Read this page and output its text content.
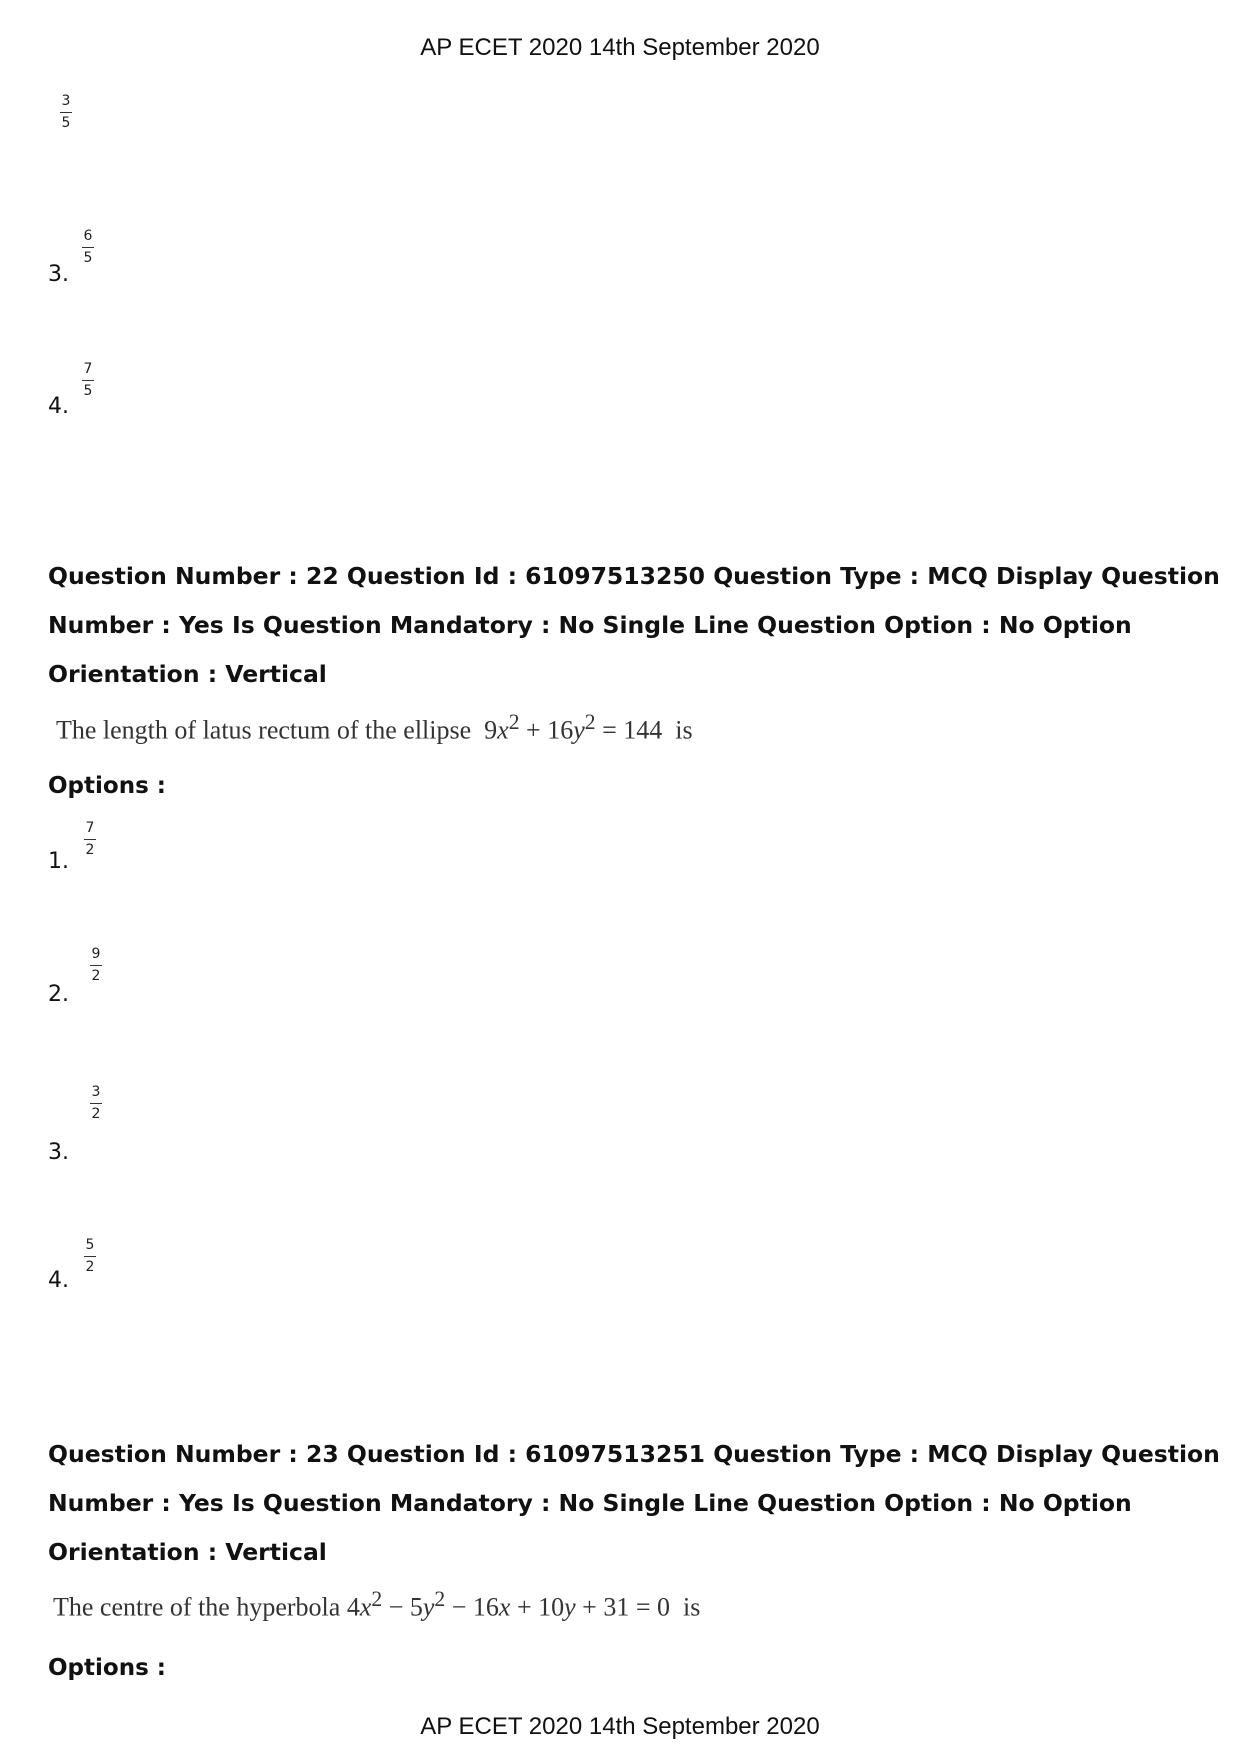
AP ECET 2020 14th September 2020
3
5
3.
6
5
4.
7
5
Question Number : 22 Question Id : 61097513250 Question Type : MCQ Display Question
Number : Yes Is Question Mandatory : No Single Line Question Option : No Option
Orientation : Vertical
The length of latus rectum of the ellipse $9x^2 + 16y^2 = 144$ is
Options :
1.
7
2
2.
9
2
3.
3
2
4.
5
2
Question Number : 23 Question Id : 61097513251 Question Type : MCQ Display Question
Number : Yes Is Question Mandatory : No Single Line Question Option : No Option
Orientation : Vertical
The centre of the hyperbola $4x^2 - 5y^2 - 16x + 10y + 31 = 0$ is
Options :
AP ECET 2020 14th September 2020
